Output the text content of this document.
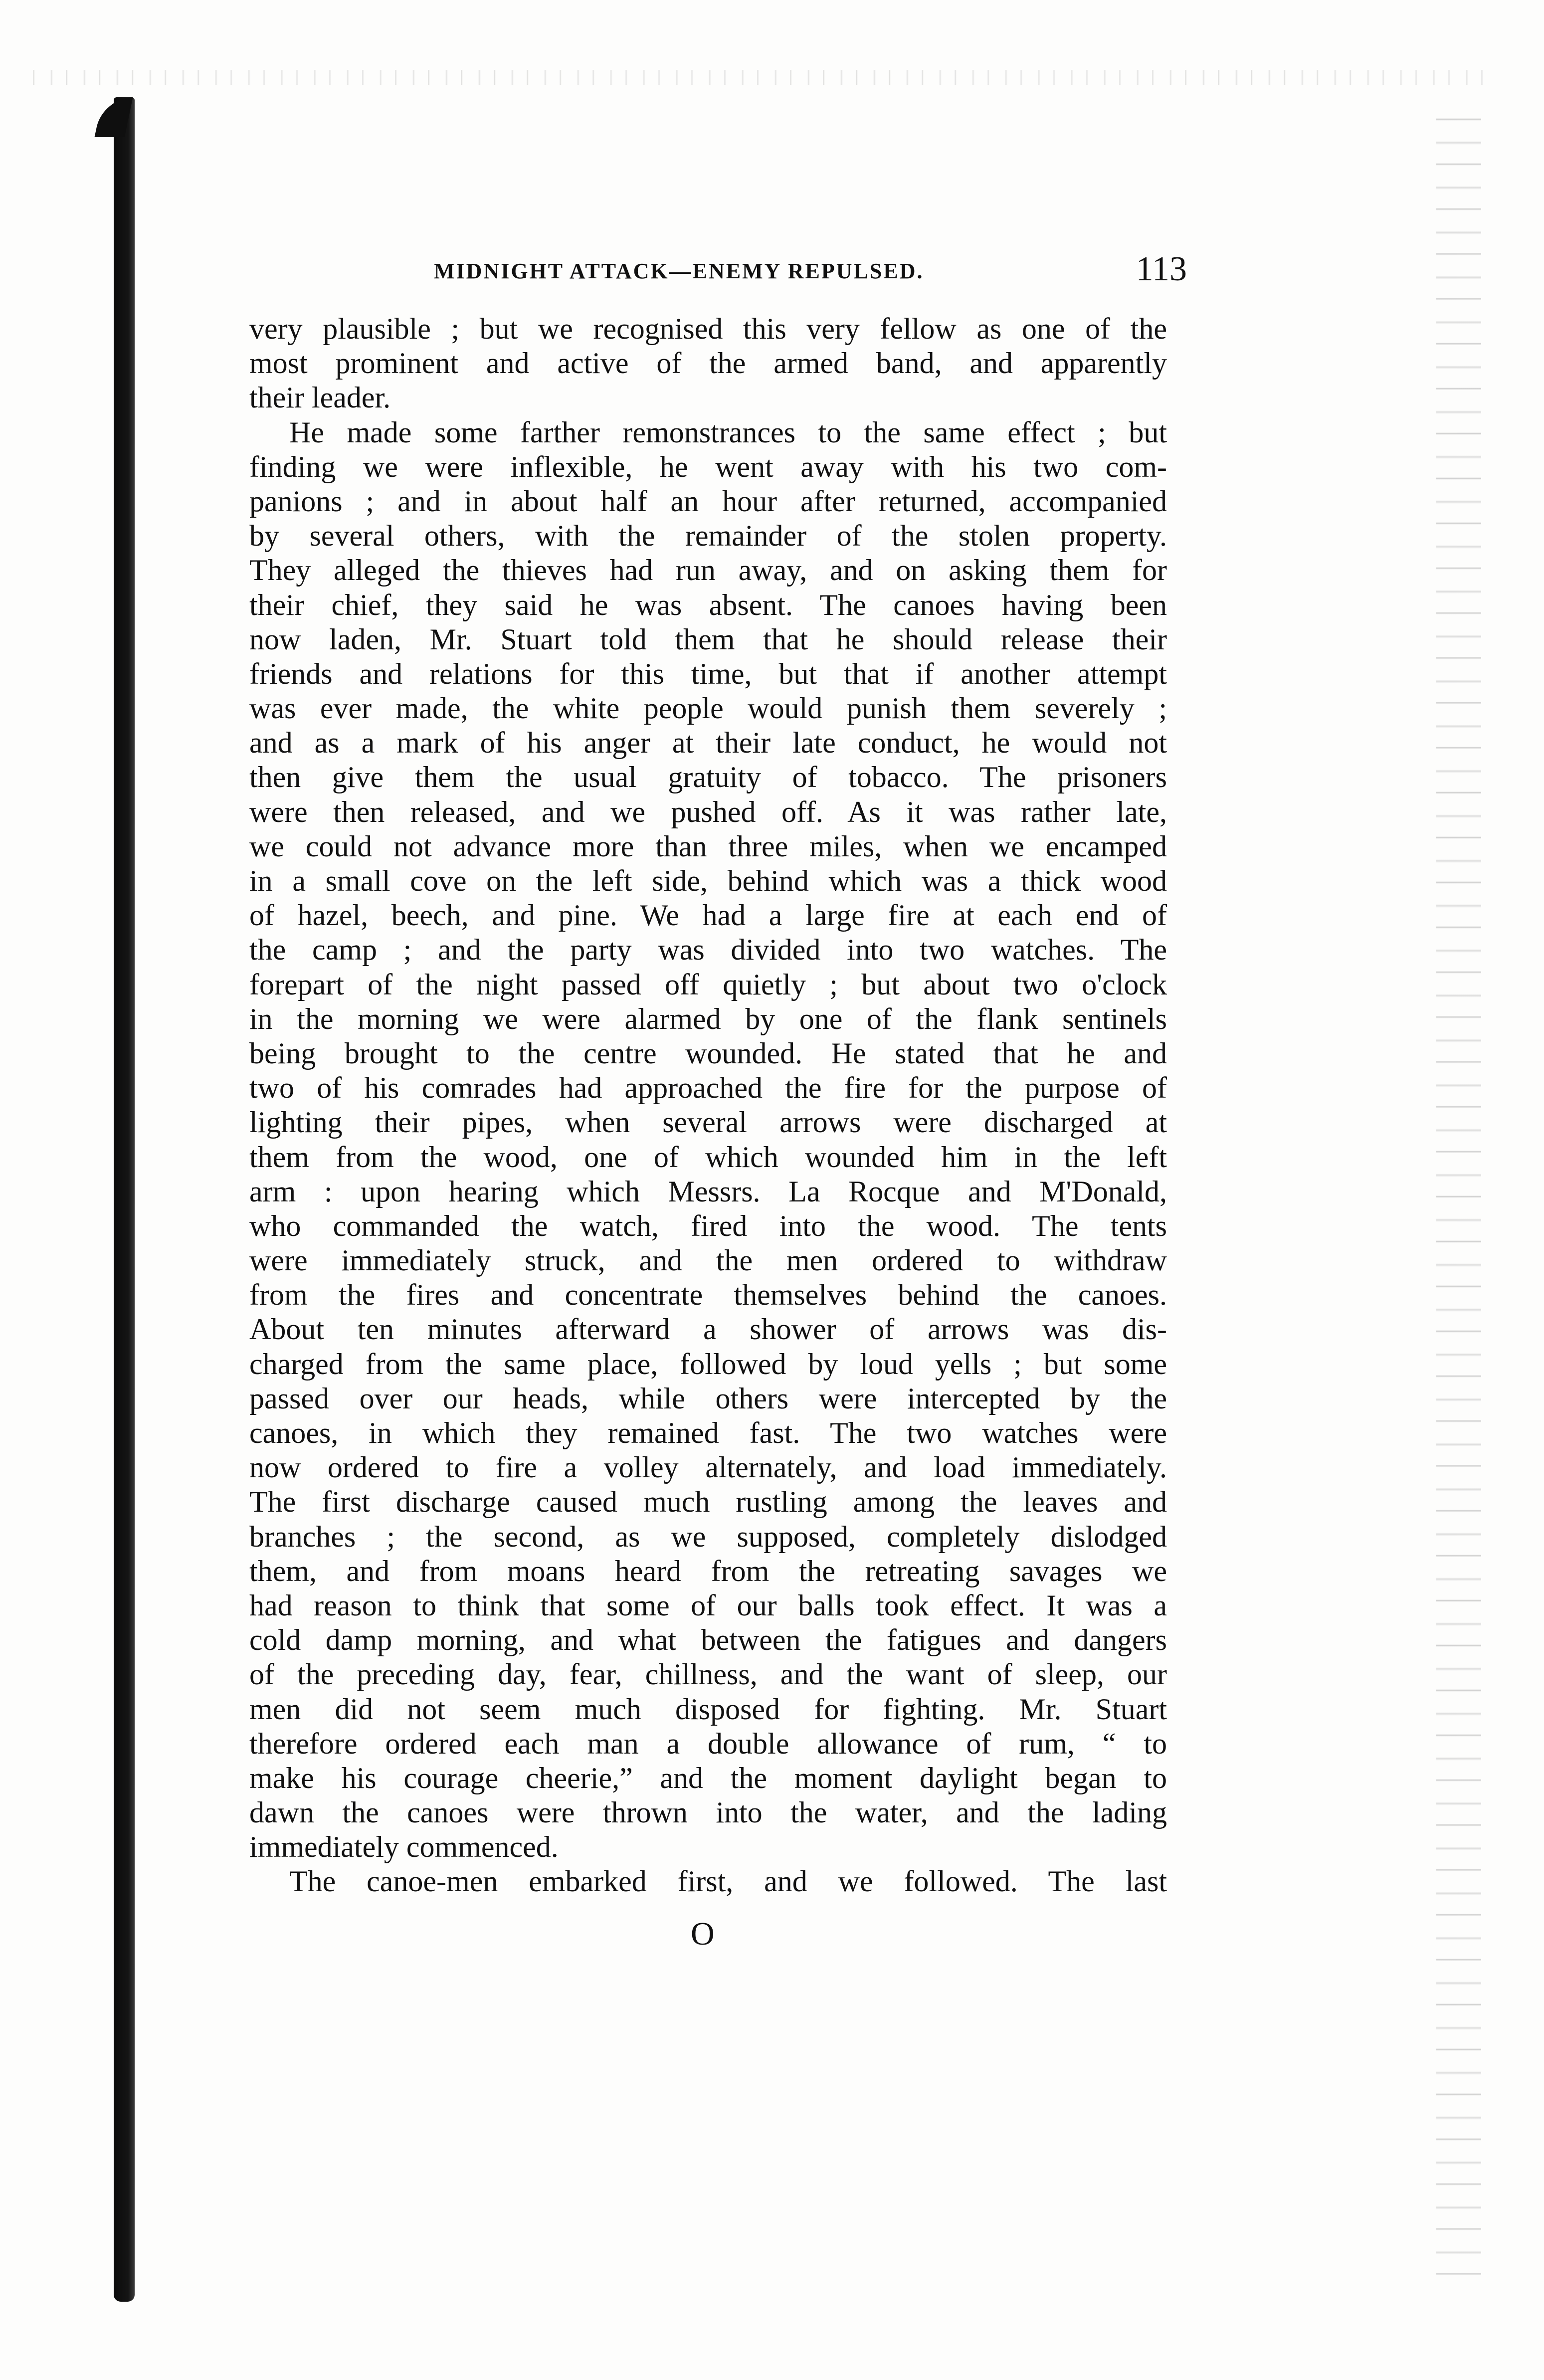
MIDNIGHT ATTACK—ENEMY REPULSED.	113
very plausible ; but we recognised this very fellow as one of the
most prominent and active of the armed band, and apparently
their leader.
He made some farther remonstrances to the same effect ; but
finding we were inflexible, he went away with his two com-
panions ; and in about half an hour after returned, accompanied
by several others, with the remainder of the stolen property.
They alleged the thieves had run away, and on asking them for
their chief, they said he was absent. The canoes having been
now laden, Mr. Stuart told them that he should release their
friends and relations for this time, but that if another attempt
was ever made, the white people would punish them severely ;
and as a mark of his anger at their late conduct, he would not
then give them the usual gratuity of tobacco. The prisoners
were then released, and we pushed off. As it was rather late,
we could not advance more than three miles, when we encamped
in a small cove on the left side, behind which was a thick wood
of hazel, beech, and pine. We had a large fire at each end of
the camp ; and the party was divided into two watches. The
forepart of the night passed off quietly ; but about two o'clock
in the morning we were alarmed by one of the flank sentinels
being brought to the centre wounded. He stated that he and
two of his comrades had approached the fire for the purpose of
lighting their pipes, when several arrows were discharged at
them from the wood, one of which wounded him in the left
arm : upon hearing which Messrs. La Rocque and M'Donald,
who commanded the watch, fired into the wood. The tents
were immediately struck, and the men ordered to withdraw
from the fires and concentrate themselves behind the canoes.
About ten minutes afterward a shower of arrows was dis-
charged from the same place, followed by loud yells ; but some
passed over our heads, while others were intercepted by the
canoes, in which they remained fast. The two watches were
now ordered to fire a volley alternately, and load immediately.
The first discharge caused much rustling among the leaves and
branches ; the second, as we supposed, completely dislodged
them, and from moans heard from the retreating savages we
had reason to think that some of our balls took effect. It was a
cold damp morning, and what between the fatigues and dangers
of the preceding day, fear, chillness, and the want of sleep, our
men did not seem much disposed for fighting. Mr. Stuart
therefore ordered each man a double allowance of rum, “ to
make his courage cheerie,” and the moment daylight began to
dawn the canoes were thrown into the water, and the lading
immediately commenced.
The canoe-men embarked first, and we followed. The last
O
